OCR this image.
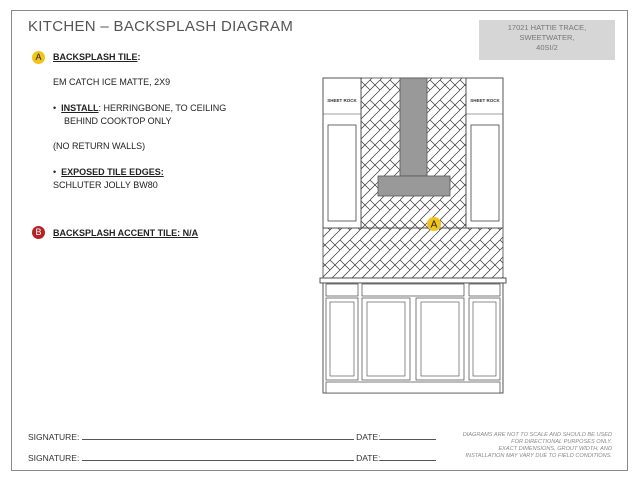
KITCHEN – BACKSPLASH DIAGRAM	17021 HATTIE TRACE,
SWEETWATER,
40SI/2
A	BACKSPLASH TILE:
EM CATCH ICE MATTE, 2X9
• INSTALL: HERRINGBONE, TO CEILING
BEHIND COOKTOP ONLY
(NO RETURN WALLS)
• EXPOSED TILE EDGES:
SCHLUTER JOLLY BW80
B	BACKSPLASH ACCENT TILE: N/A
A
SHEET ROCK	SHEET ROCK
SIGNATURE:	DATE:
SIGNATURE:	DATE:
DIAGRAMS ARE NOT TO SCALE AND SHOULD BE USED
FOR DIRECTIONAL PURPOSES ONLY.
EXACT DIMENSIONS, GROUT WIDTH, AND
INSTALLATION MAY VARY DUE TO FIELD CONDITIONS.
